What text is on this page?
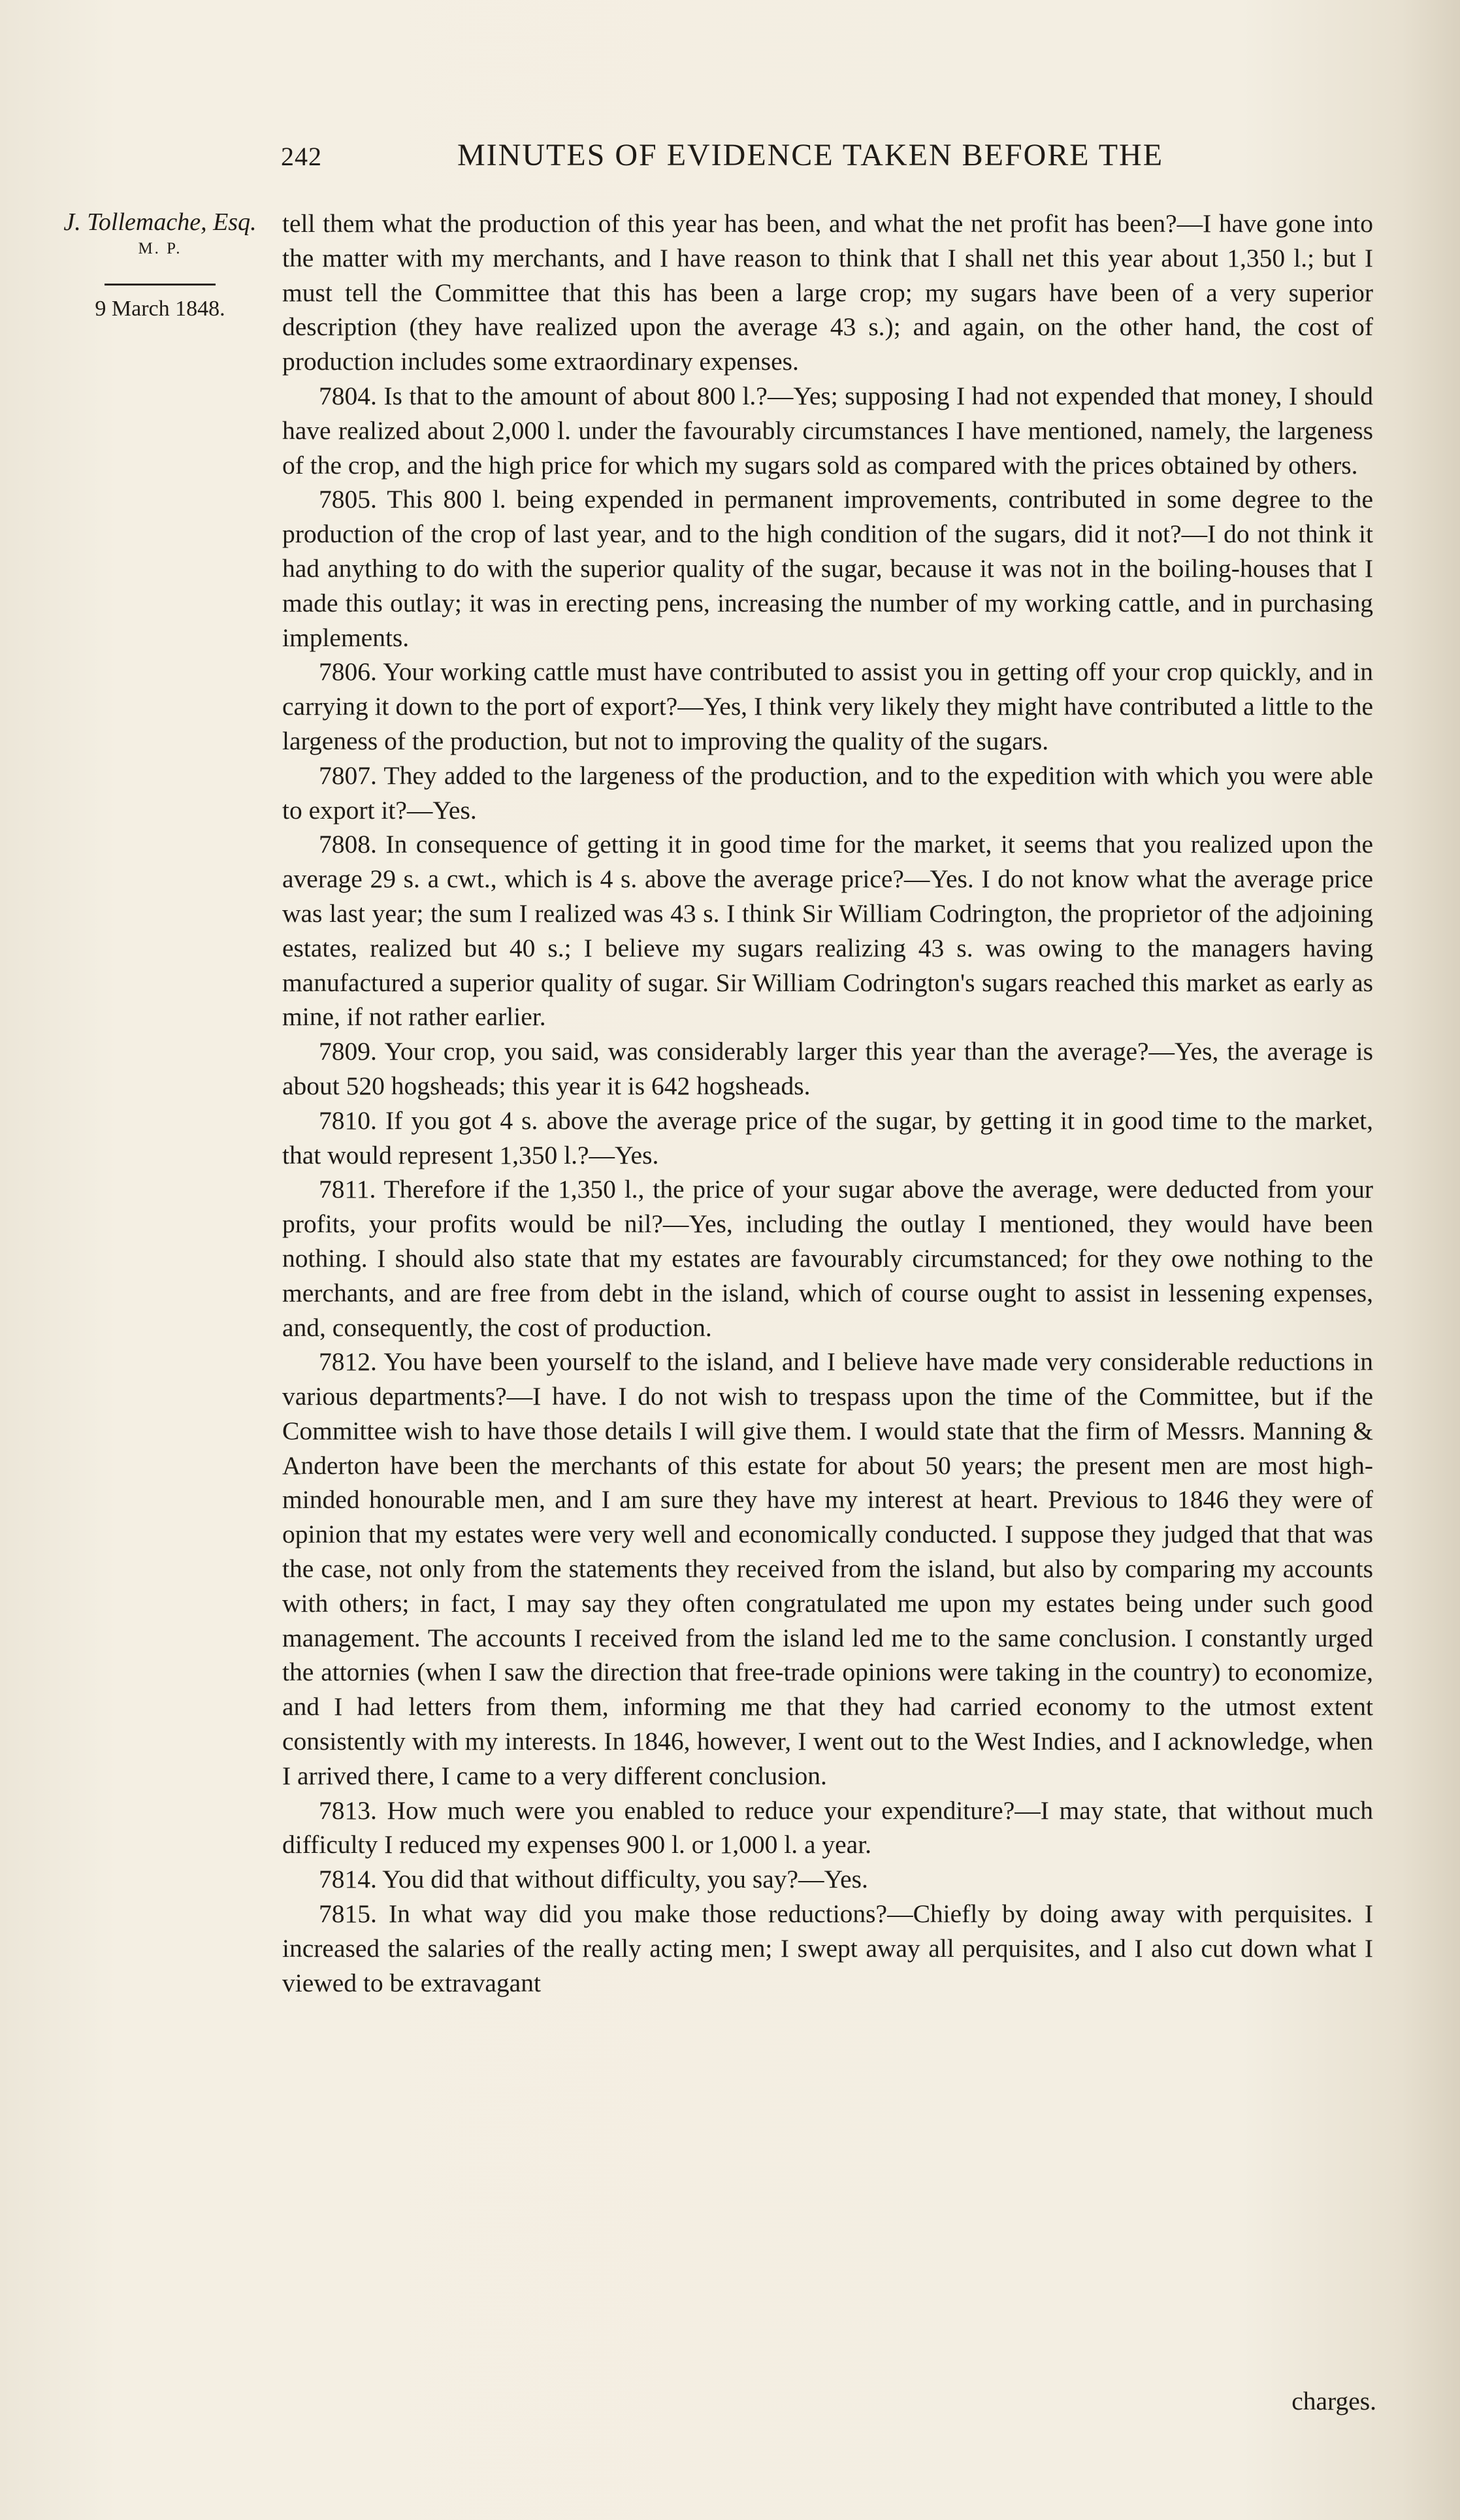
242	MINUTES OF EVIDENCE TAKEN BEFORE THE
J. Tollemache, Esq.
M. P.
9 March 1848.

tell them what the production of this year has been, and what the net profit has been?—I have gone into the matter with my merchants, and I have reason to think that I shall net this year about 1,350 l.; but I must tell the Committee that this has been a large crop; my sugars have been of a very superior description (they have realized upon the average 43 s.); and again, on the other hand, the cost of production includes some extraordinary expenses.

7804. Is that to the amount of about 800 l.?—Yes; supposing I had not expended that money, I should have realized about 2,000 l. under the favourably circumstances I have mentioned, namely, the largeness of the crop, and the high price for which my sugars sold as compared with the prices obtained by others.

7805. This 800 l. being expended in permanent improvements, contributed in some degree to the production of the crop of last year, and to the high condition of the sugars, did it not?—I do not think it had anything to do with the superior quality of the sugar, because it was not in the boiling-houses that I made this outlay; it was in erecting pens, increasing the number of my working cattle, and in purchasing implements.

7806. Your working cattle must have contributed to assist you in getting off your crop quickly, and in carrying it down to the port of export?—Yes, I think very likely they might have contributed a little to the largeness of the production, but not to improving the quality of the sugars.

7807. They added to the largeness of the production, and to the expedition with which you were able to export it?—Yes.

7808. In consequence of getting it in good time for the market, it seems that you realized upon the average 29 s. a cwt., which is 4 s. above the average price?—Yes. I do not know what the average price was last year; the sum I realized was 43 s. I think Sir William Codrington, the proprietor of the adjoining estates, realized but 40 s.; I believe my sugars realizing 43 s. was owing to the managers having manufactured a superior quality of sugar. Sir William Codrington's sugars reached this market as early as mine, if not rather earlier.

7809. Your crop, you said, was considerably larger this year than the average?—Yes, the average is about 520 hogsheads; this year it is 642 hogsheads.

7810. If you got 4 s. above the average price of the sugar, by getting it in good time to the market, that would represent 1,350 l.?—Yes.

7811. Therefore if the 1,350 l., the price of your sugar above the average, were deducted from your profits, your profits would be nil?—Yes, including the outlay I mentioned, they would have been nothing. I should also state that my estates are favourably circumstanced; for they owe nothing to the merchants, and are free from debt in the island, which of course ought to assist in lessening expenses, and, consequently, the cost of production.

7812. You have been yourself to the island, and I believe have made very considerable reductions in various departments?—I have. I do not wish to trespass upon the time of the Committee, but if the Committee wish to have those details I will give them. I would state that the firm of Messrs. Manning & Anderton have been the merchants of this estate for about 50 years; the present men are most high-minded honourable men, and I am sure they have my interest at heart. Previous to 1846 they were of opinion that my estates were very well and economically conducted. I suppose they judged that that was the case, not only from the statements they received from the island, but also by comparing my accounts with others; in fact, I may say they often congratulated me upon my estates being under such good management. The accounts I received from the island led me to the same conclusion. I constantly urged the attornies (when I saw the direction that free-trade opinions were taking in the country) to economize, and I had letters from them, informing me that they had carried economy to the utmost extent consistently with my interests. In 1846, however, I went out to the West Indies, and I acknowledge, when I arrived there, I came to a very different conclusion.

7813. How much were you enabled to reduce your expenditure?—I may state, that without much difficulty I reduced my expenses 900 l. or 1,000 l. a year.

7814. You did that without difficulty, you say?—Yes.

7815. In what way did you make those reductions?—Chiefly by doing away with perquisites. I increased the salaries of the really acting men; I swept away all perquisites, and I also cut down what I viewed to be extravagant

charges.
